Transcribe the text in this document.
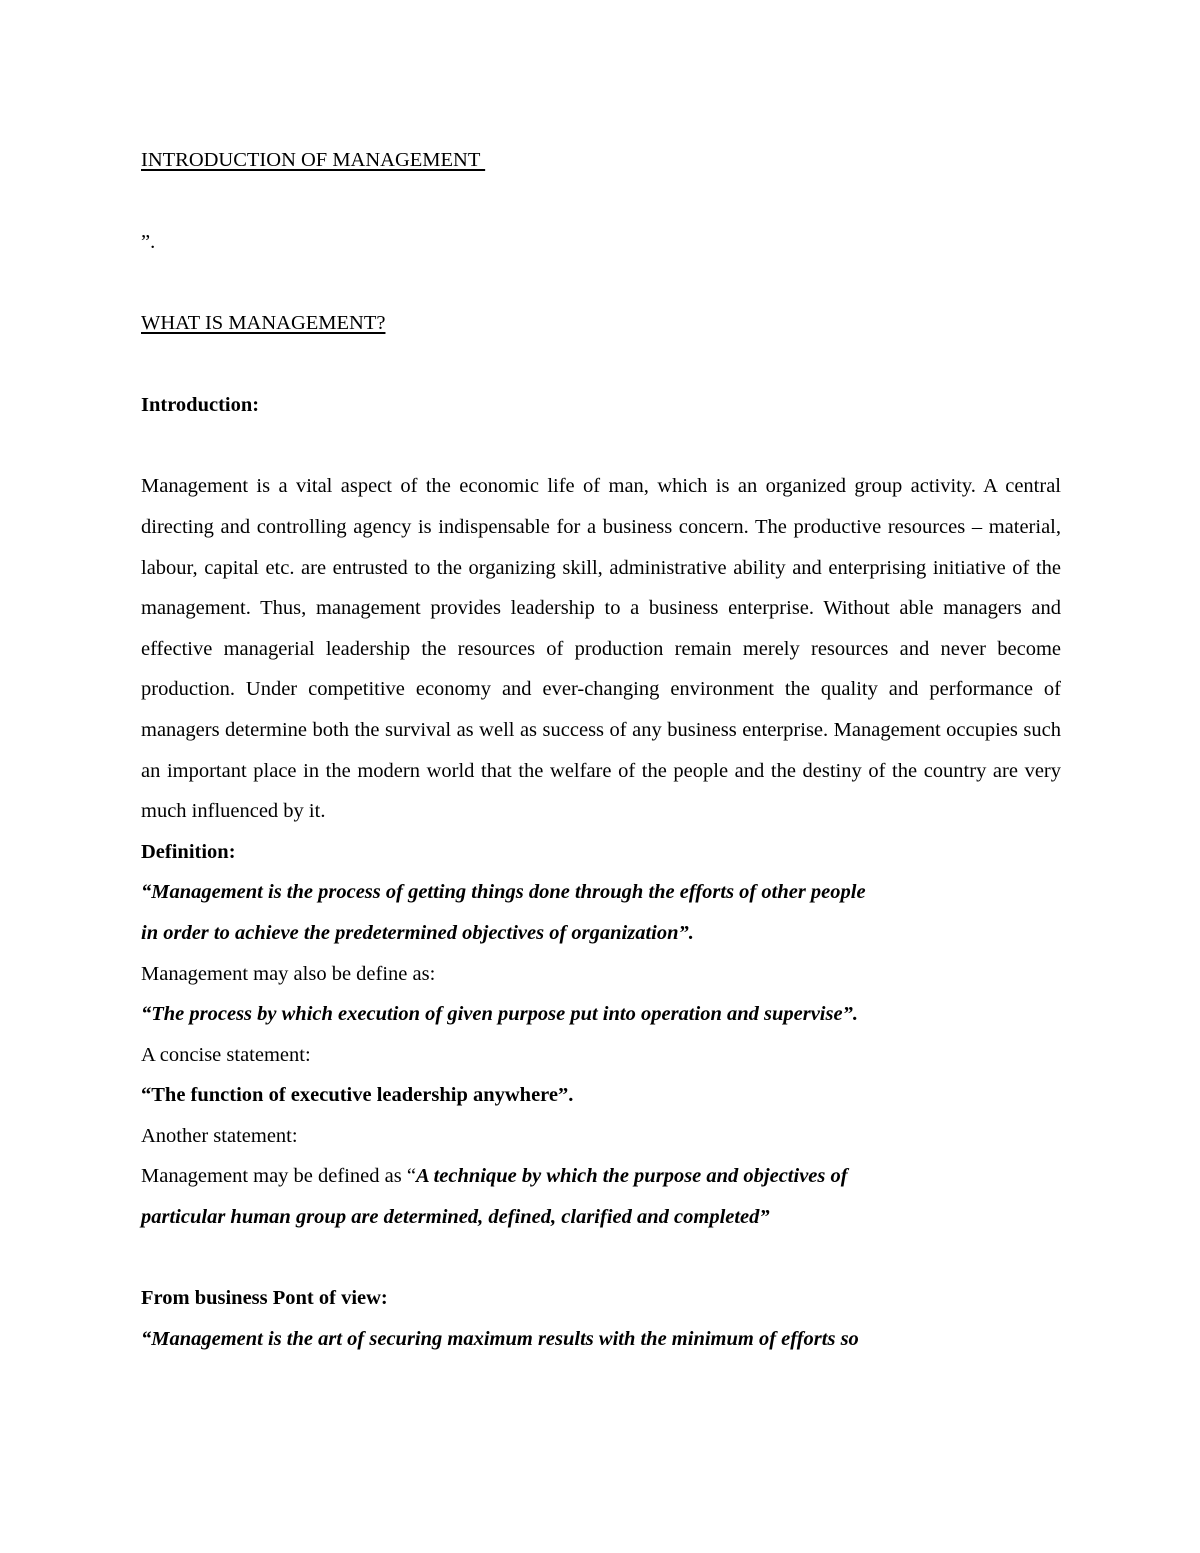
INTRODUCTION OF MANAGEMENT
”.
WHAT IS MANAGEMENT?
Introduction:
Management is a vital aspect of the economic life of man, which is an organized group activity. A central directing and controlling agency is indispensable for a business concern. The productive resources – material, labour, capital etc. are entrusted to the organizing skill, administrative ability and enterprising initiative of the management. Thus, management provides leadership to a business enterprise. Without able managers and effective managerial leadership the resources of production remain merely resources and never become production. Under competitive economy and ever-changing environment the quality and performance of managers determine both the survival as well as success of any business enterprise. Management occupies such an important place in the modern world that the welfare of the people and the destiny of the country are very much influenced by it.
Definition:
“Management is the process of getting things done through the efforts of other people
in order to achieve the predetermined objectives of organization”.
Management may also be define as:
“The process by which execution of given purpose put into operation and supervise”.
A concise statement:
“The function of executive leadership anywhere”.
Another statement:
Management may be defined as “A technique by which the purpose and objectives of
particular human group are determined, defined, clarified and completed”
From business Pont of view:
“Management is the art of securing maximum results with the minimum of efforts so
